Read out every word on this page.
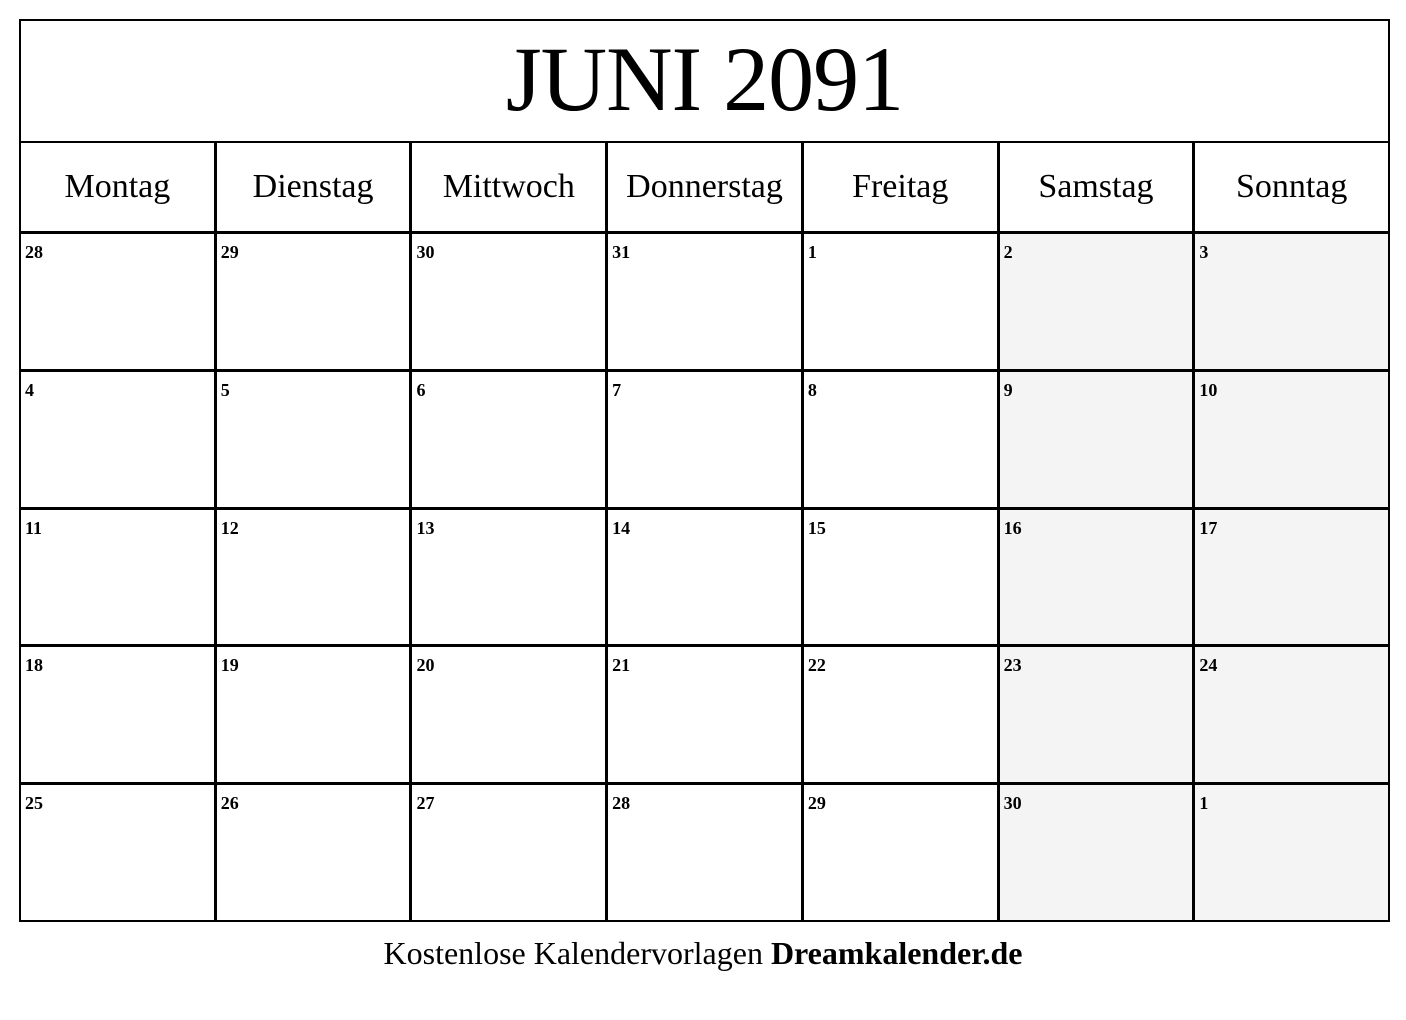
JUNI 2091
Montag	Dienstag	Mittwoch	Donnerstag	Freitag	Samstag	Sonntag
28	29	30	31	1	2	3
4	5	6	7	8	9	10
11	12	13	14	15	16	17
18	19	20	21	22	23	24
25	26	27	28	29	30	1
Kostenlose Kalendervorlagen Dreamkalender.de
